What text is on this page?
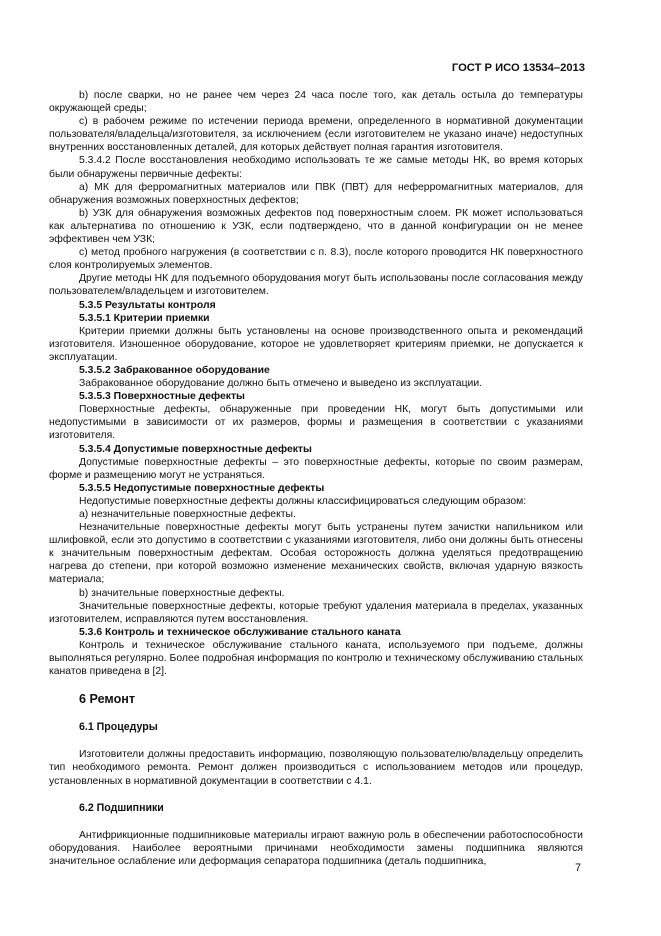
ГОСТ Р ИСО 13534–2013

b) после сварки, но не ранее чем через 24 часа после того, как деталь остыла до температуры окружающей среды;

c) в рабочем режиме по истечении периода времени, определенного в нормативной документации пользователя/владельца/изготовителя, за исключением (если изготовителем не указано иначе) недоступных внутренних восстановленных деталей, для которых действует полная гарантия изготовителя.

5.3.4.2 После восстановления необходимо использовать те же самые методы НК, во время которых были обнаружены первичные дефекты:

a) МК для ферромагнитных материалов или ПВК (ПВТ) для неферромагнитных материалов, для обнаружения возможных поверхностных дефектов;

b) УЗК для обнаружения возможных дефектов под поверхностным слоем. РК может использоваться как альтернатива по отношению к УЗК, если подтверждено, что в данной конфигурации он не менее эффективен чем УЗК;

c) метод пробного нагружения (в соответствии с п. 8.3), после которого проводится НК поверхностного слоя контролируемых элементов.

Другие методы НК для подъемного оборудования могут быть использованы после согласования между пользователем/владельцем и изготовителем.

5.3.5 Результаты контроля

5.3.5.1 Критерии приемки

Критерии приемки должны быть установлены на основе производственного опыта и рекомендаций изготовителя. Изношенное оборудование, которое не удовлетворяет критериям приемки, не допускается к эксплуатации.

5.3.5.2 Забракованное оборудование

Забракованное оборудование должно быть отмечено и выведено из эксплуатации.

5.3.5.3 Поверхностные дефекты

Поверхностные дефекты, обнаруженные при проведении НК, могут быть допустимыми или недопустимыми в зависимости от их размеров, формы и размещения в соответствии с указаниями изготовителя.

5.3.5.4 Допустимые поверхностные дефекты

Допустимые поверхностные дефекты – это поверхностные дефекты, которые по своим размерам, форме и размещению могут не устраняться.

5.3.5.5 Недопустимые поверхностные дефекты

Недопустимые поверхностные дефекты должны классифицироваться следующим образом:

a) незначительные поверхностные дефекты.

Незначительные поверхностные дефекты могут быть устранены путем зачистки напильником или шлифовкой, если это допустимо в соответствии с указаниями изготовителя, либо они должны быть отнесены к значительным поверхностным дефектам. Особая осторожность должна уделяться предотвращению нагрева до степени, при которой возможно изменение механических свойств, включая ударную вязкость материала;

b) значительные поверхностные дефекты.

Значительные поверхностные дефекты, которые требуют удаления материала в пределах, указанных изготовителем, исправляются путем восстановления.

5.3.6 Контроль и техническое обслуживание стального каната

Контроль и техническое обслуживание стального каната, используемого при подъеме, должны выполняться регулярно. Более подробная информация по контролю и техническому обслуживанию стальных канатов приведена в [2].

6 Ремонт

6.1 Процедуры

Изготовители должны предоставить информацию, позволяющую пользователю/владельцу определить тип необходимого ремонта. Ремонт должен производиться с использованием методов или процедур, установленных в нормативной документации в соответствии с 4.1.

6.2 Подшипники

Антифрикционные подшипниковые материалы играют важную роль в обеспечении работоспособности оборудования. Наиболее вероятными причинами необходимости замены подшипника являются значительное ослабление или деформация сепаратора подшипника (деталь подшипника,

7
